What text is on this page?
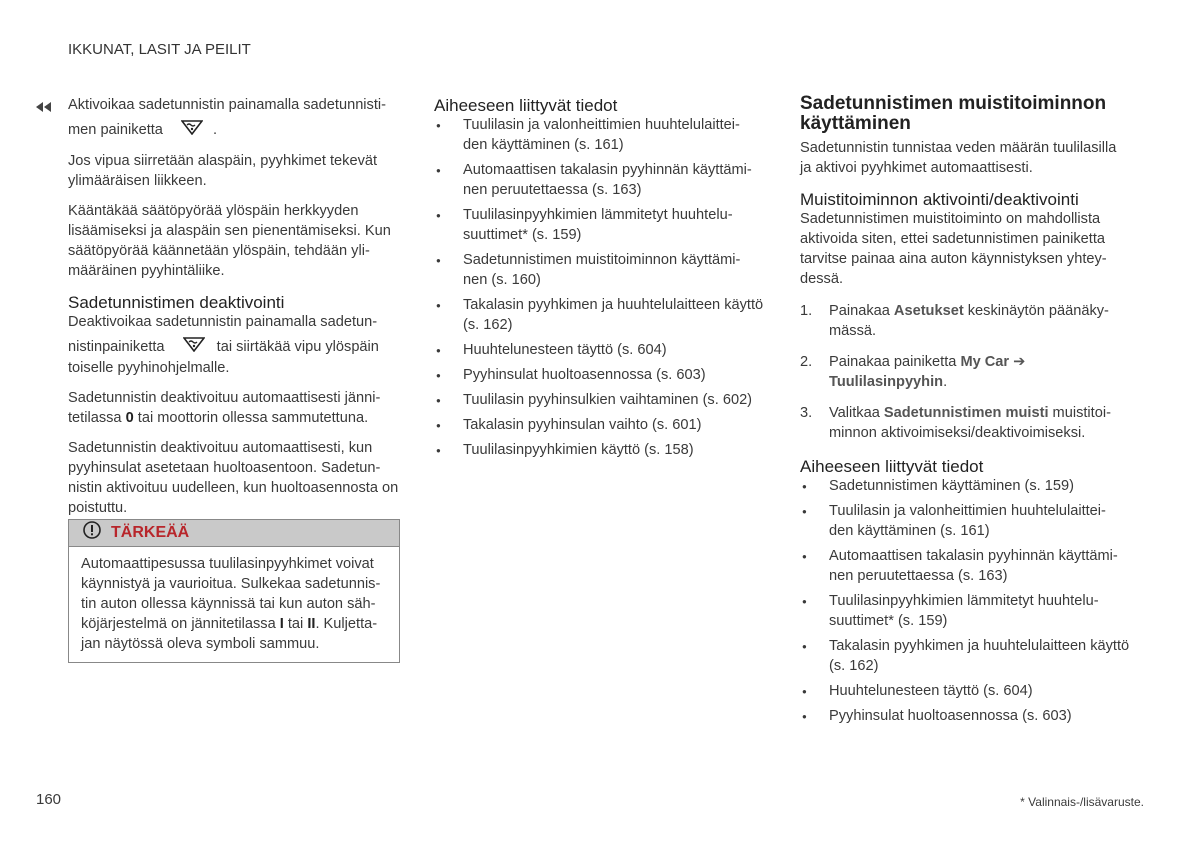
IKKUNAT, LASIT JA PEILIT
Aktivoikaa sadetunnistin painamalla sadetunnisti-
men painiketta	.

Jos vipua siirretään alaspäin, pyyhkimet tekevät ylimääräisen liikkeen.

Kääntäkää säätöpyörää ylöspäin herkkyyden lisäämiseksi ja alaspäin sen pienentämiseksi. Kun säätöpyörää käännetään ylöspäin, tehdään yli-määräinen pyyhintäliike.

Sadetunnistimen deaktivointi
Deaktivoikaa sadetunnistin painamalla sadetun-
nistinpainiketta	tai siirtäkää vipu ylöspäin

toiselle pyyhinohjelmalle.

Sadetunnistin deaktivoituu automaattisesti jänni-tetilassa 0 tai moottorin ollessa sammutettuna.

Sadetunnistin deaktivoituu automaattisesti, kun pyyhinsulat asetetaan huoltoasentoon. Sadetun-nistin aktivoituu uudelleen, kun huoltoasennosta on poistuttu.

TÄRKEÄÄ

Automaattipesussa tuulilasinpyyhkimet voivat käynnistyä ja vaurioitua. Sulkekaa sadetunnis-tin auton ollessa käynnissä tai kun auton säh-köjärjestelmä on jännitetilassa I tai II. Kuljetta-jan näytössä oleva symboli sammuu.

Aiheeseen liittyvät tiedot
● Tuulilasin ja valonheittimien huuhtelulaittei-den käyttäminen (s. 161)
● Automaattisen takalasin pyyhinnän käyttämi-nen peruutettaessa (s. 163)
● Tuulilasinpyyhkimien lämmitetyt huuhtelu-suuttimet* (s. 159)
● Sadetunnistimen muistitoiminnon käyttämi-nen (s. 160)
● Takalasin pyyhkimen ja huuhtelulaitteen käyttö (s. 162)
● Huuhtelunesteen täyttö (s. 604)
● Pyyhinsulat huoltoasennossa (s. 603)
● Tuulilasin pyyhinsulkien vaihtaminen (s. 602)
● Takalasin pyyhinsulan vaihto (s. 601)
● Tuulilasinpyyhkimien käyttö (s. 158)
Sadetunnistimen muistitoiminnon käyttäminen

Sadetunnistin tunnistaa veden määrän tuulilasilla ja aktivoi pyyhkimet automaattisesti.

Muistitoiminnon aktivointi/deaktivointi

Sadetunnistimen muistitoiminto on mahdollista aktivoida siten, ettei sadetunnistimen painiketta tarvitse painaa aina auton käynnistyksen yhtey-dessä.

1. Painakaa Asetukset keskinäytön päänäky-mässä.
2. Painakaa painiketta My Car ➔ Tuulilasinpyyhin.
3. Valitkaa Sadetunnistimen muisti muistitoi-minnon aktivoimiseksi/deaktivoimiseksi.
Aiheeseen liittyvät tiedot
● Sadetunnistimen käyttäminen (s. 159)
● Tuulilasin ja valonheittimien huuhtelulaittei-den käyttäminen (s. 161)
● Automaattisen takalasin pyyhinnän käyttämi-nen peruutettaessa (s. 163)
● Tuulilasinpyyhkimien lämmitetyt huuhtelu-suuttimet* (s. 159)
● Takalasin pyyhkimen ja huuhtelulaitteen käyttö (s. 162)
● Huuhtelunesteen täyttö (s. 604)
● Pyyhinsulat huoltoasennossa (s. 603)
160	* Valinnais-/lisävaruste.
